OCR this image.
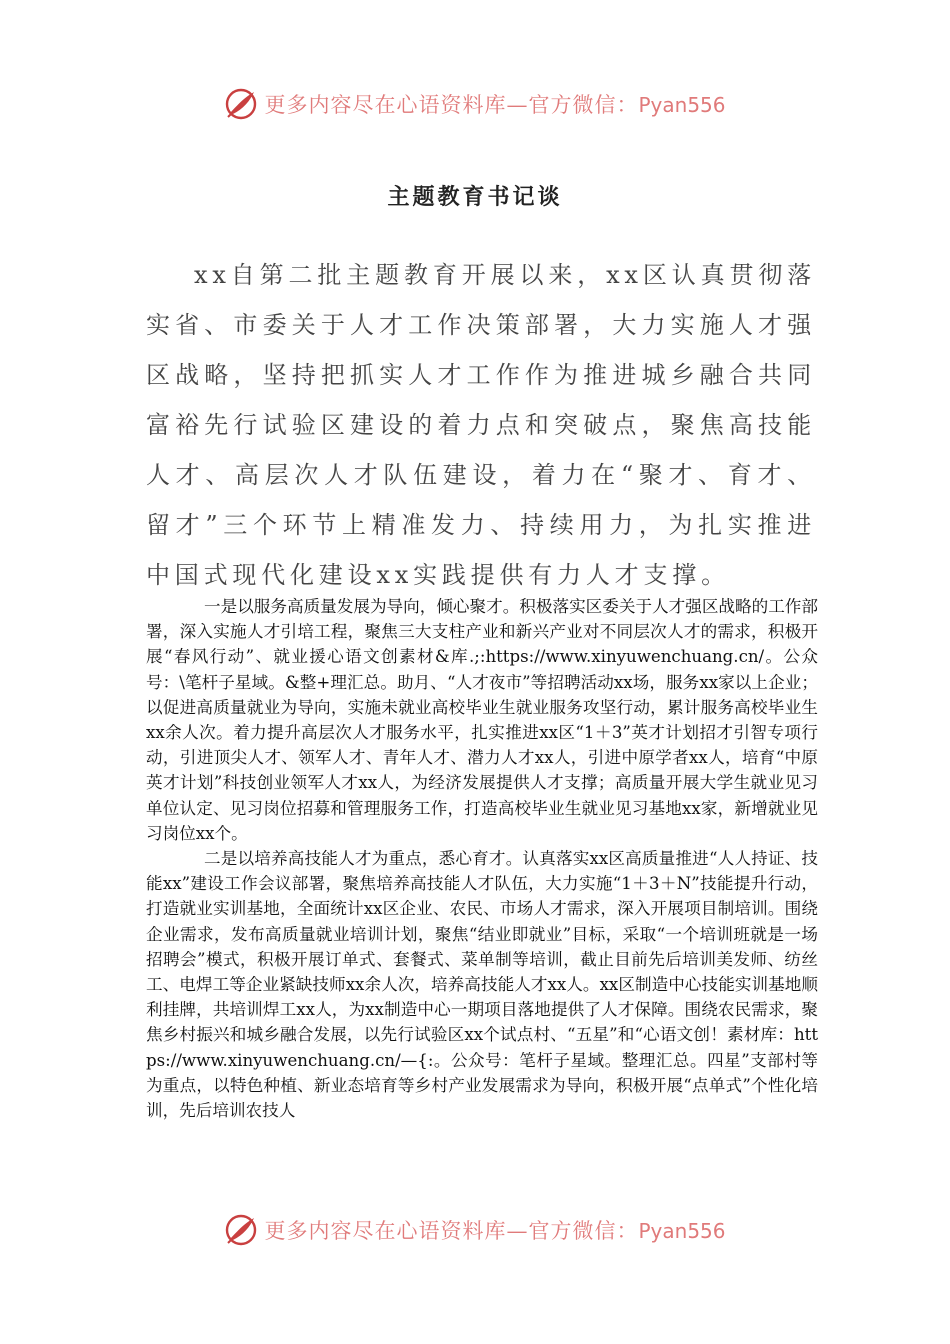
更多内容尽在心语资料库—官方微信：Pyan556
主题教育书记谈

xx自第二批主题教育开展以来，xx区认真贯彻落实省、市委关于人才工作决策部署，大力实施人才强区战略，坚持把抓实人才工作作为推进城乡融合共同富裕先行试验区建设的着力点和突破点，聚焦高技能人才、高层次人才队伍建设，着力在“聚才、育才、留才”三个环节上精准发力、持续用力，为扎实推进中国式现代化建设xx实践提供有力人才支撑。

一是以服务高质量发展为导向，倾心聚才。积极落实区委关于人才强区战略的工作部署，深入实施人才引培工程，聚焦三大支柱产业和新兴产业对不同层次人才的需求，积极开展“春风行动”、就业援心语文创素材&库.;:https://www.xinyuwenchuang.cn/。公众号：\笔杆子星域。&整+理汇总。助月、“人才夜市”等招聘活动xx场，服务xx家以上企业；以促进高质量就业为导向，实施未就业高校毕业生就业服务攻坚行动，累计服务高校毕业生xx余人次。着力提升高层次人才服务水平，扎实推进xx区“1＋3”英才计划招才引智专项行动，引进顶尖人才、领军人才、青年人才、潜力人才xx人，引进中原学者xx人，培育“中原英才计划”科技创业领军人才xx人，为经济发展提供人才支撑；高质量开展大学生就业见习单位认定、见习岗位招募和管理服务工作，打造高校毕业生就业见习基地xx家，新增就业见习岗位xx个。

二是以培养高技能人才为重点，悉心育才。认真落实xx区高质量推进“人人持证、技能xx”建设工作会议部署，聚焦培养高技能人才队伍，大力实施“1＋3＋N”技能提升行动，打造就业实训基地，全面统计xx区企业、农民、市场人才需求，深入开展项目制培训。围绕企业需求，发布高质量就业培训计划，聚焦“结业即就业”目标，采取“一个培训班就是一场招聘会”模式，积极开展订单式、套餐式、菜单制等培训，截止目前先后培训美发师、纺丝工、电焊工等企业紧缺技师xx余人次，培养高技能人才xx人。xx区制造中心技能实训基地顺利挂牌，共培训焊工xx人，为xx制造中心一期项目落地提供了人才保障。围绕农民需求，聚焦乡村振兴和城乡融合发展，以先行试验区xx个试点村、“五星”和“心语文创！素材库：https://www.xinyuwenchuang.cn/—{:。公众号：笔杆子星域。整理汇总。四星”支部村等为重点，以特色种植、新业态培育等乡村产业发展需求为导向，积极开展“点单式”个性化培训，先后培训农技人

更多内容尽在心语资料库—官方微信：Pyan556
